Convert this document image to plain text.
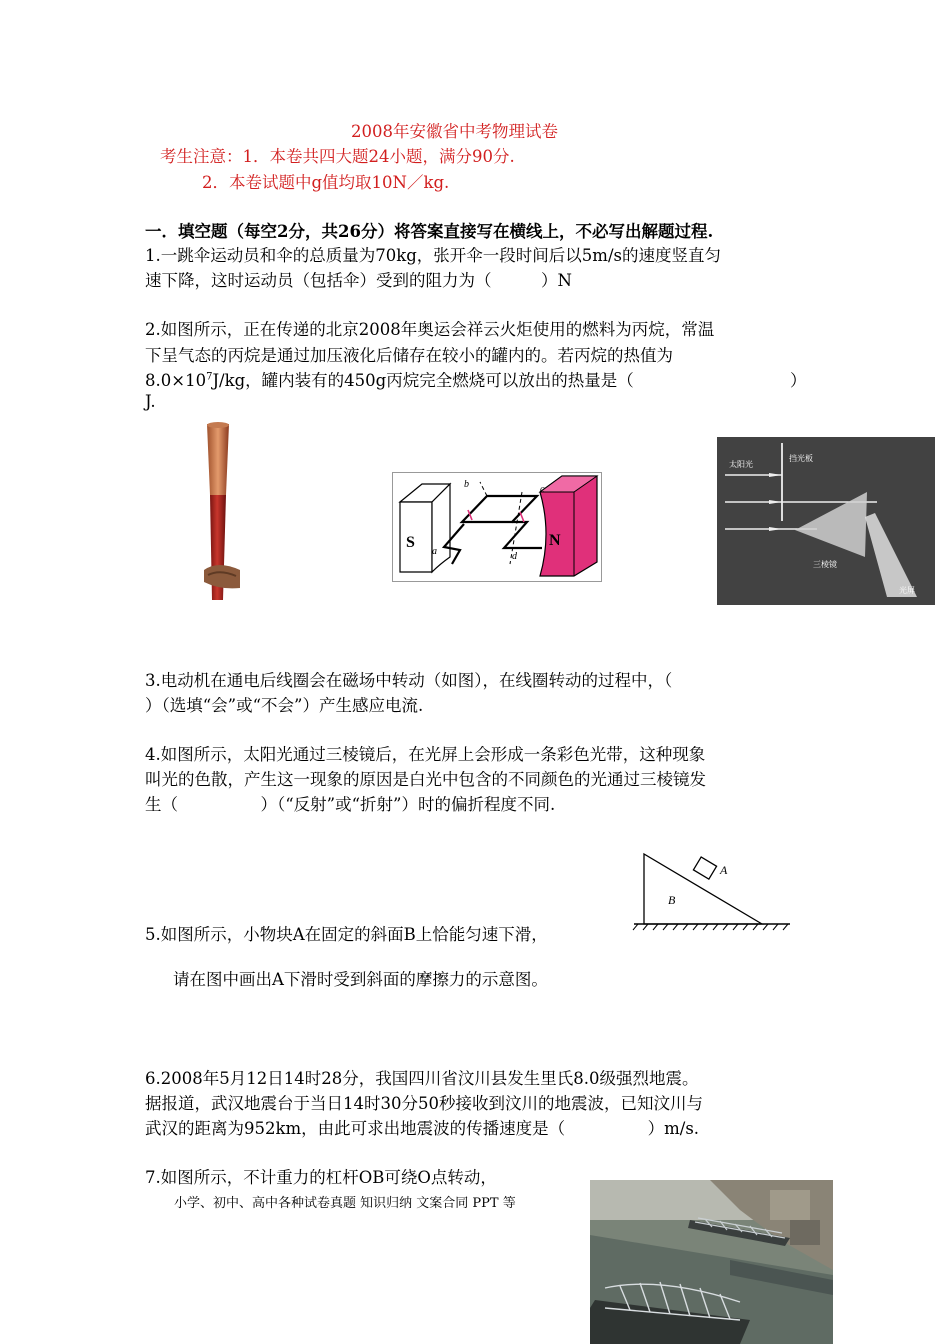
2008年安徽省中考物理试卷
考生注意：1．本卷共四大题24小题，满分90分.
2．本卷试题中g值均取10N／kg.
一．填空题（每空2分，共26分）将答案直接写在横线上，不必写出解题过程.
1.一跳伞运动员和伞的总质量为70kg，张开伞一段时间后以5m/s的速度竖直匀
速下降，这时运动员（包括伞）受到的阻力为（　　　）N
2.如图所示，正在传递的北京2008年奥运会祥云火炬使用的燃料为丙烷，常温
下呈气态的丙烷是通过加压液化后储存在较小的罐内的。若丙烷的热值为
$8.0\times 10^7J/kg$，罐内装有的450g丙烷完全燃烧可以放出的热量是（	）
J.
S	N
a
b	c
d
太阳光
挡光板
三棱镜
光屏
3.电动机在通电后线圈会在磁场中转动（如图），在线圈转动的过程中，（
）（选填“会”或“不会”）产生感应电流.
4.如图所示，太阳光通过三棱镜后，在光屏上会形成一条彩色光带，这种现象
叫光的色散，产生这一现象的原因是白光中包含的不同颜色的光通过三棱镜发
生（　　　　　）（“反射”或“折射”）时的偏折程度不同.
A
B
5.如图所示，小物块A在固定的斜面B上恰能匀速下滑，
请在图中画出A下滑时受到斜面的摩擦力的示意图。
6.2008年5月12日14时28分，我国四川省汶川县发生里氏8.0级强烈地震。
据报道，武汉地震台于当日14时30分50秒接收到汶川的地震波，已知汶川与
武汉的距离为952km，由此可求出地震波的传播速度是（　　　　　）m/s.
7.如图所示，不计重力的杠杆OB可绕O点转动，
小学、初中、高中各种试卷真题 知识归纳 文案合同 PPT 等
